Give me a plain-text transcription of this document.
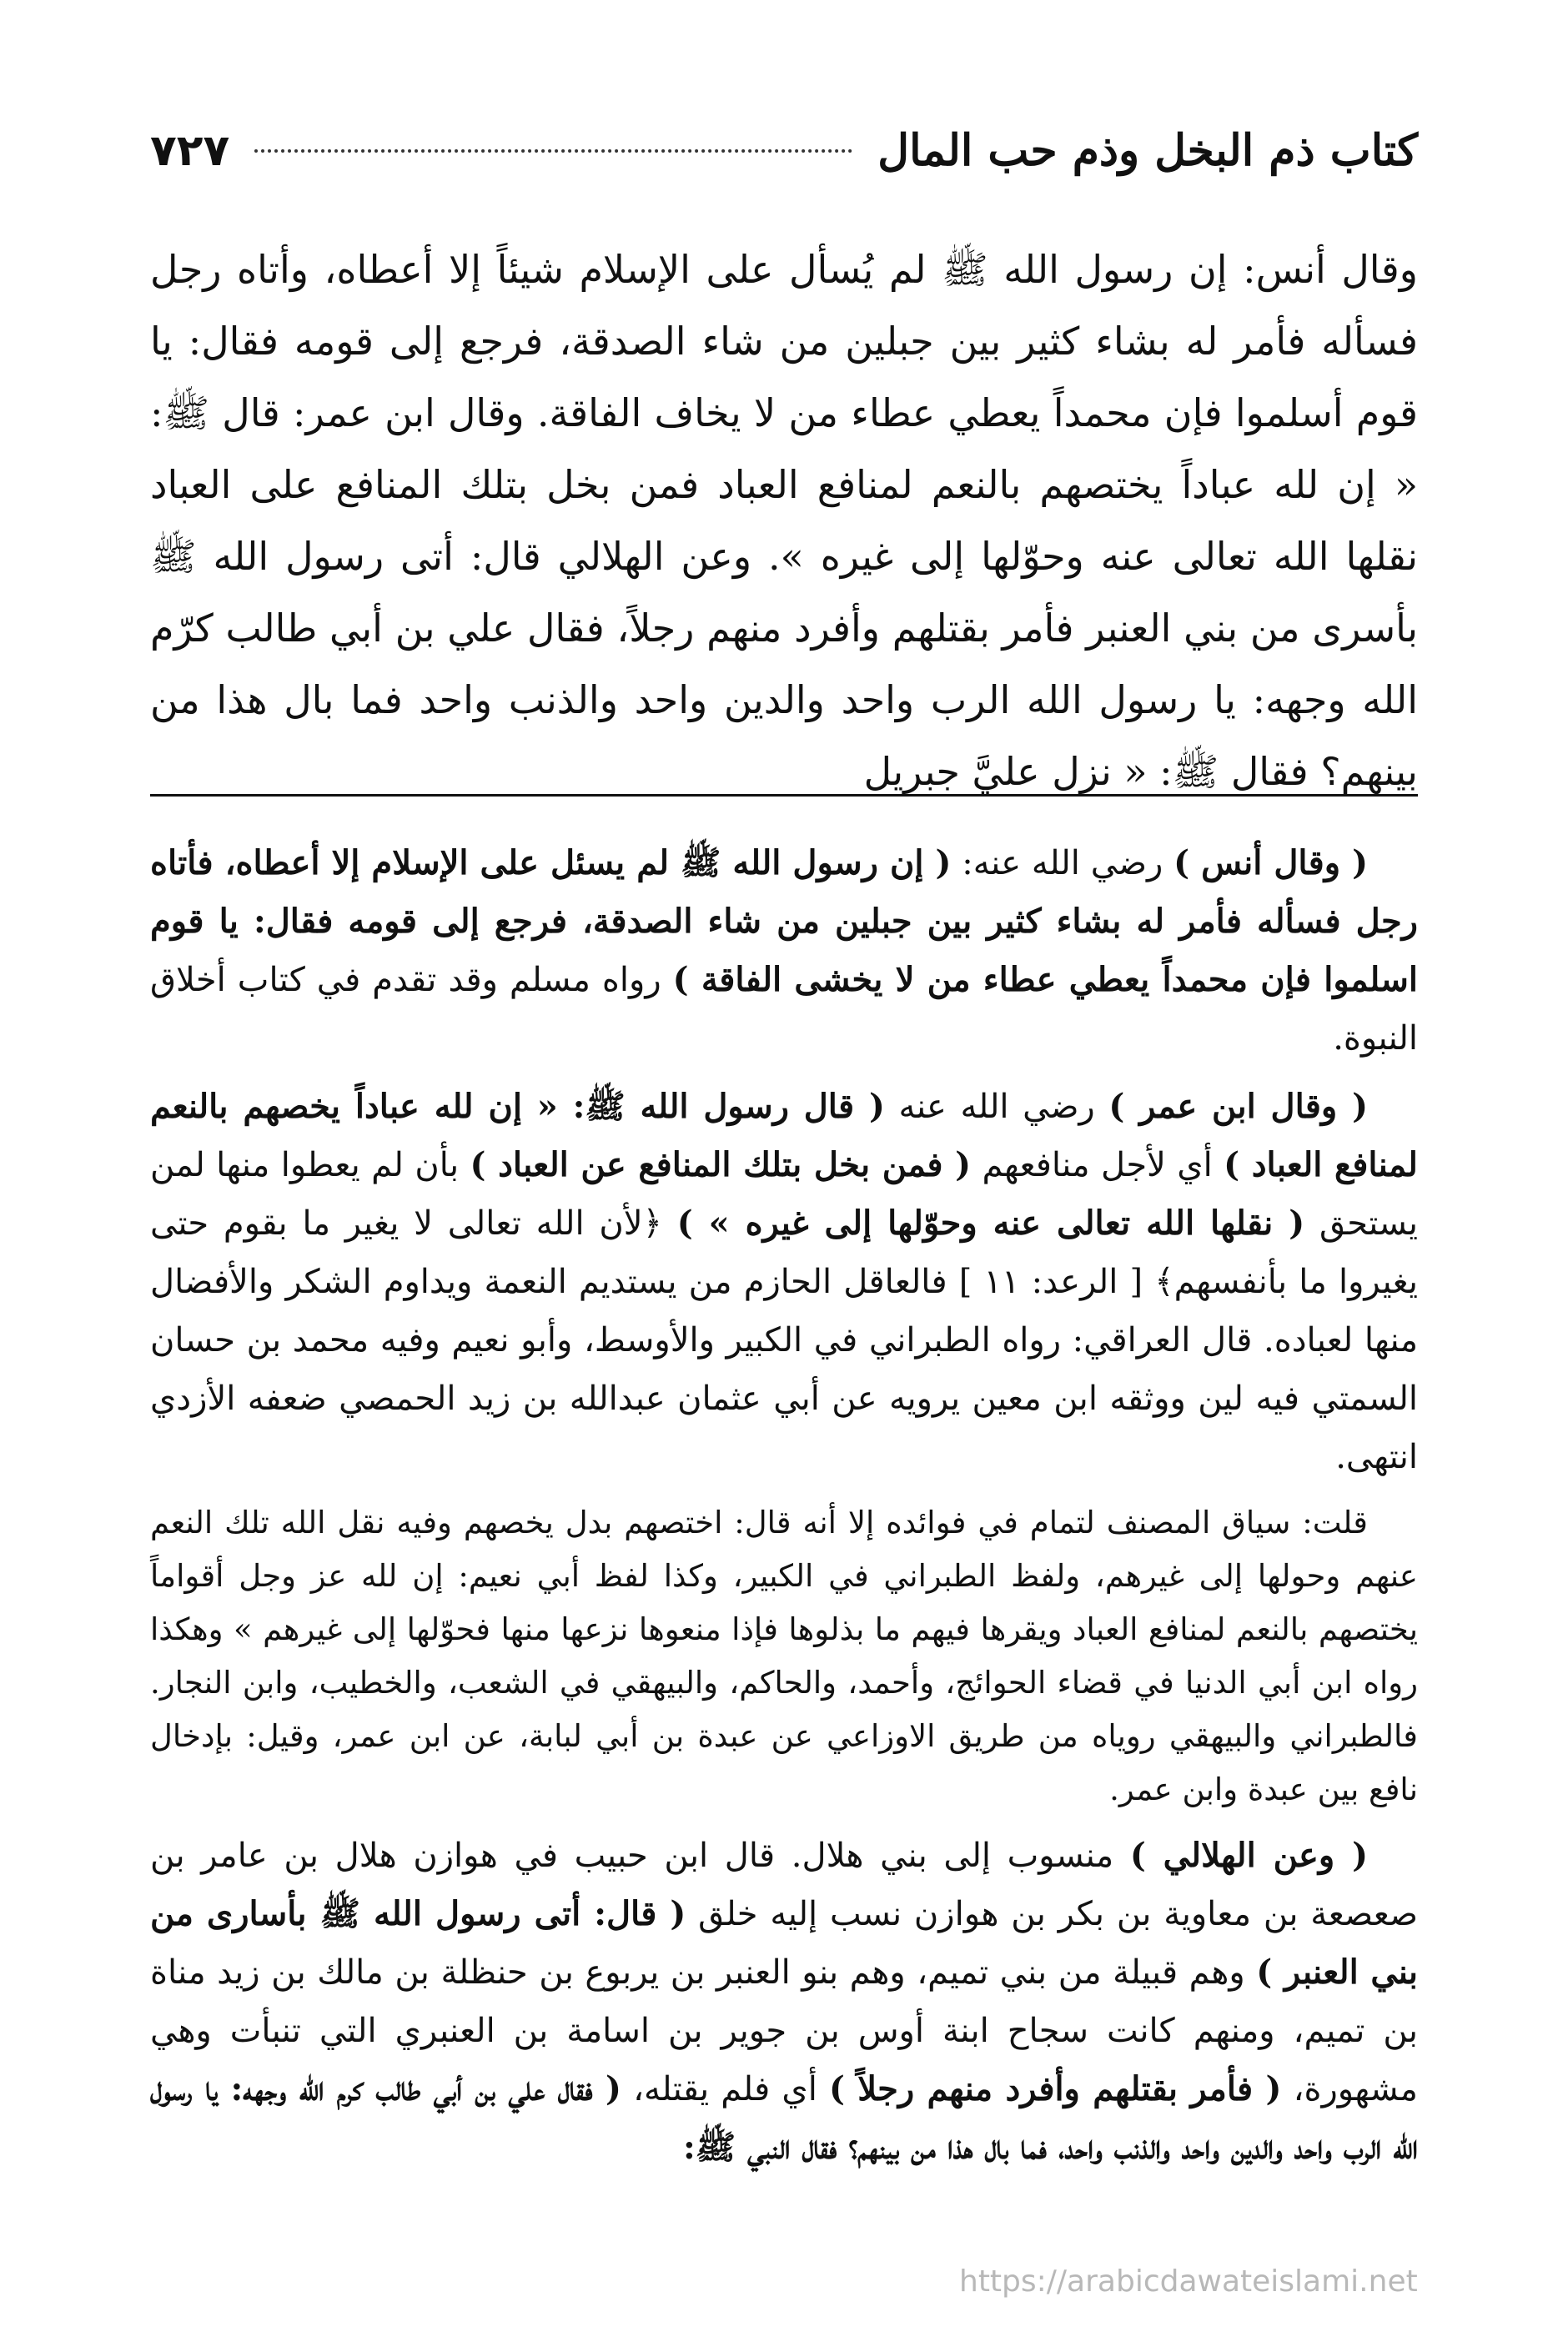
كتاب ذم البخل وذم حب المال
٧٢٧
وقال أنس: إن رسول الله ﷺ لم يُسأل على الإسلام شيئاً إلا أعطاه، وأتاه رجل فسأله فأمر له بشاء كثير بين جبلين من شاء الصدقة، فرجع إلى قومه فقال: يا قوم أسلموا فإن محمداً يعطي عطاء من لا يخاف الفاقة. وقال ابن عمر: قال ﷺ: « إن لله عباداً يختصهم بالنعم لمنافع العباد فمن بخل بتلك المنافع على العباد نقلها الله تعالى عنه وحوّلها إلى غيره ». وعن الهلالي قال: أتى رسول الله ﷺ بأسرى من بني العنبر فأمر بقتلهم وأفرد منهم رجلاً، فقال علي بن أبي طالب كرّم الله وجهه: يا رسول الله الرب واحد والدين واحد والذنب واحد فما بال هذا من بينهم؟ فقال ﷺ: « نزل عليَّ جبريل

( وقال أنس ) رضي الله عنه: ( إن رسول الله ﷺ لم يسئل على الإسلام إلا أعطاه، فأتاه رجل فسأله فأمر له بشاء كثير بين جبلين من شاء الصدقة، فرجع إلى قومه فقال: يا قوم اسلموا فإن محمداً يعطي عطاء من لا يخشى الفاقة ) رواه مسلم وقد تقدم في كتاب أخلاق النبوة.

( وقال ابن عمر ) رضي الله عنه ( قال رسول الله ﷺ: « إن لله عباداً يخصهم بالنعم لمنافع العباد ) أي لأجل منافعهم ( فمن بخل بتلك المنافع عن العباد ) بأن لم يعطوا منها لمن يستحق ( نقلها الله تعالى عنه وحوّلها إلى غيره » ) ﴿لأن الله تعالى لا يغير ما بقوم حتى يغيروا ما بأنفسهم﴾ [ الرعد: ١١ ] فالعاقل الحازم من يستديم النعمة ويداوم الشكر والأفضال منها لعباده. قال العراقي: رواه الطبراني في الكبير والأوسط، وأبو نعيم وفيه محمد بن حسان السمتي فيه لين ووثقه ابن معين يرويه عن أبي عثمان عبدالله بن زيد الحمصي ضعفه الأزدي انتهى.

قلت: سياق المصنف لتمام في فوائده إلا أنه قال: اختصهم بدل يخصهم وفيه نقل الله تلك النعم عنهم وحولها إلى غيرهم، ولفظ الطبراني في الكبير، وكذا لفظ أبي نعيم: إن لله عز وجل أقواماً يختصهم بالنعم لمنافع العباد ويقرها فيهم ما بذلوها فإذا منعوها نزعها منها فحوّلها إلى غيرهم » وهكذا رواه ابن أبي الدنيا في قضاء الحوائج، وأحمد، والحاكم، والبيهقي في الشعب، والخطيب، وابن النجار. فالطبراني والبيهقي روياه من طريق الاوزاعي عن عبدة بن أبي لبابة، عن ابن عمر، وقيل: بإدخال نافع بين عبدة وابن عمر.

( وعن الهلالي ) منسوب إلى بني هلال. قال ابن حبيب في هوازن هلال بن عامر بن صعصعة بن معاوية بن بكر بن هوازن نسب إليه خلق ( قال: أتى رسول الله ﷺ بأسارى من بني العنبر ) وهم قبيلة من بني تميم، وهم بنو العنبر بن يربوع بن حنظلة بن مالك بن زيد مناة بن تميم، ومنهم كانت سجاح ابنة أوس بن جوير بن اسامة بن العنبري التي تنبأت وهي مشهورة، ( فأمر بقتلهم وأفرد منهم رجلاً ) أي فلم يقتله، ( فقال علي بن أبي طالب كرم الله وجهه: يا رسول الله الرب واحد والدين واحد والذنب واحد، فما بال هذا من بينهم؟ فقال النبي ﷺ:

https://arabicdawateislami.net
